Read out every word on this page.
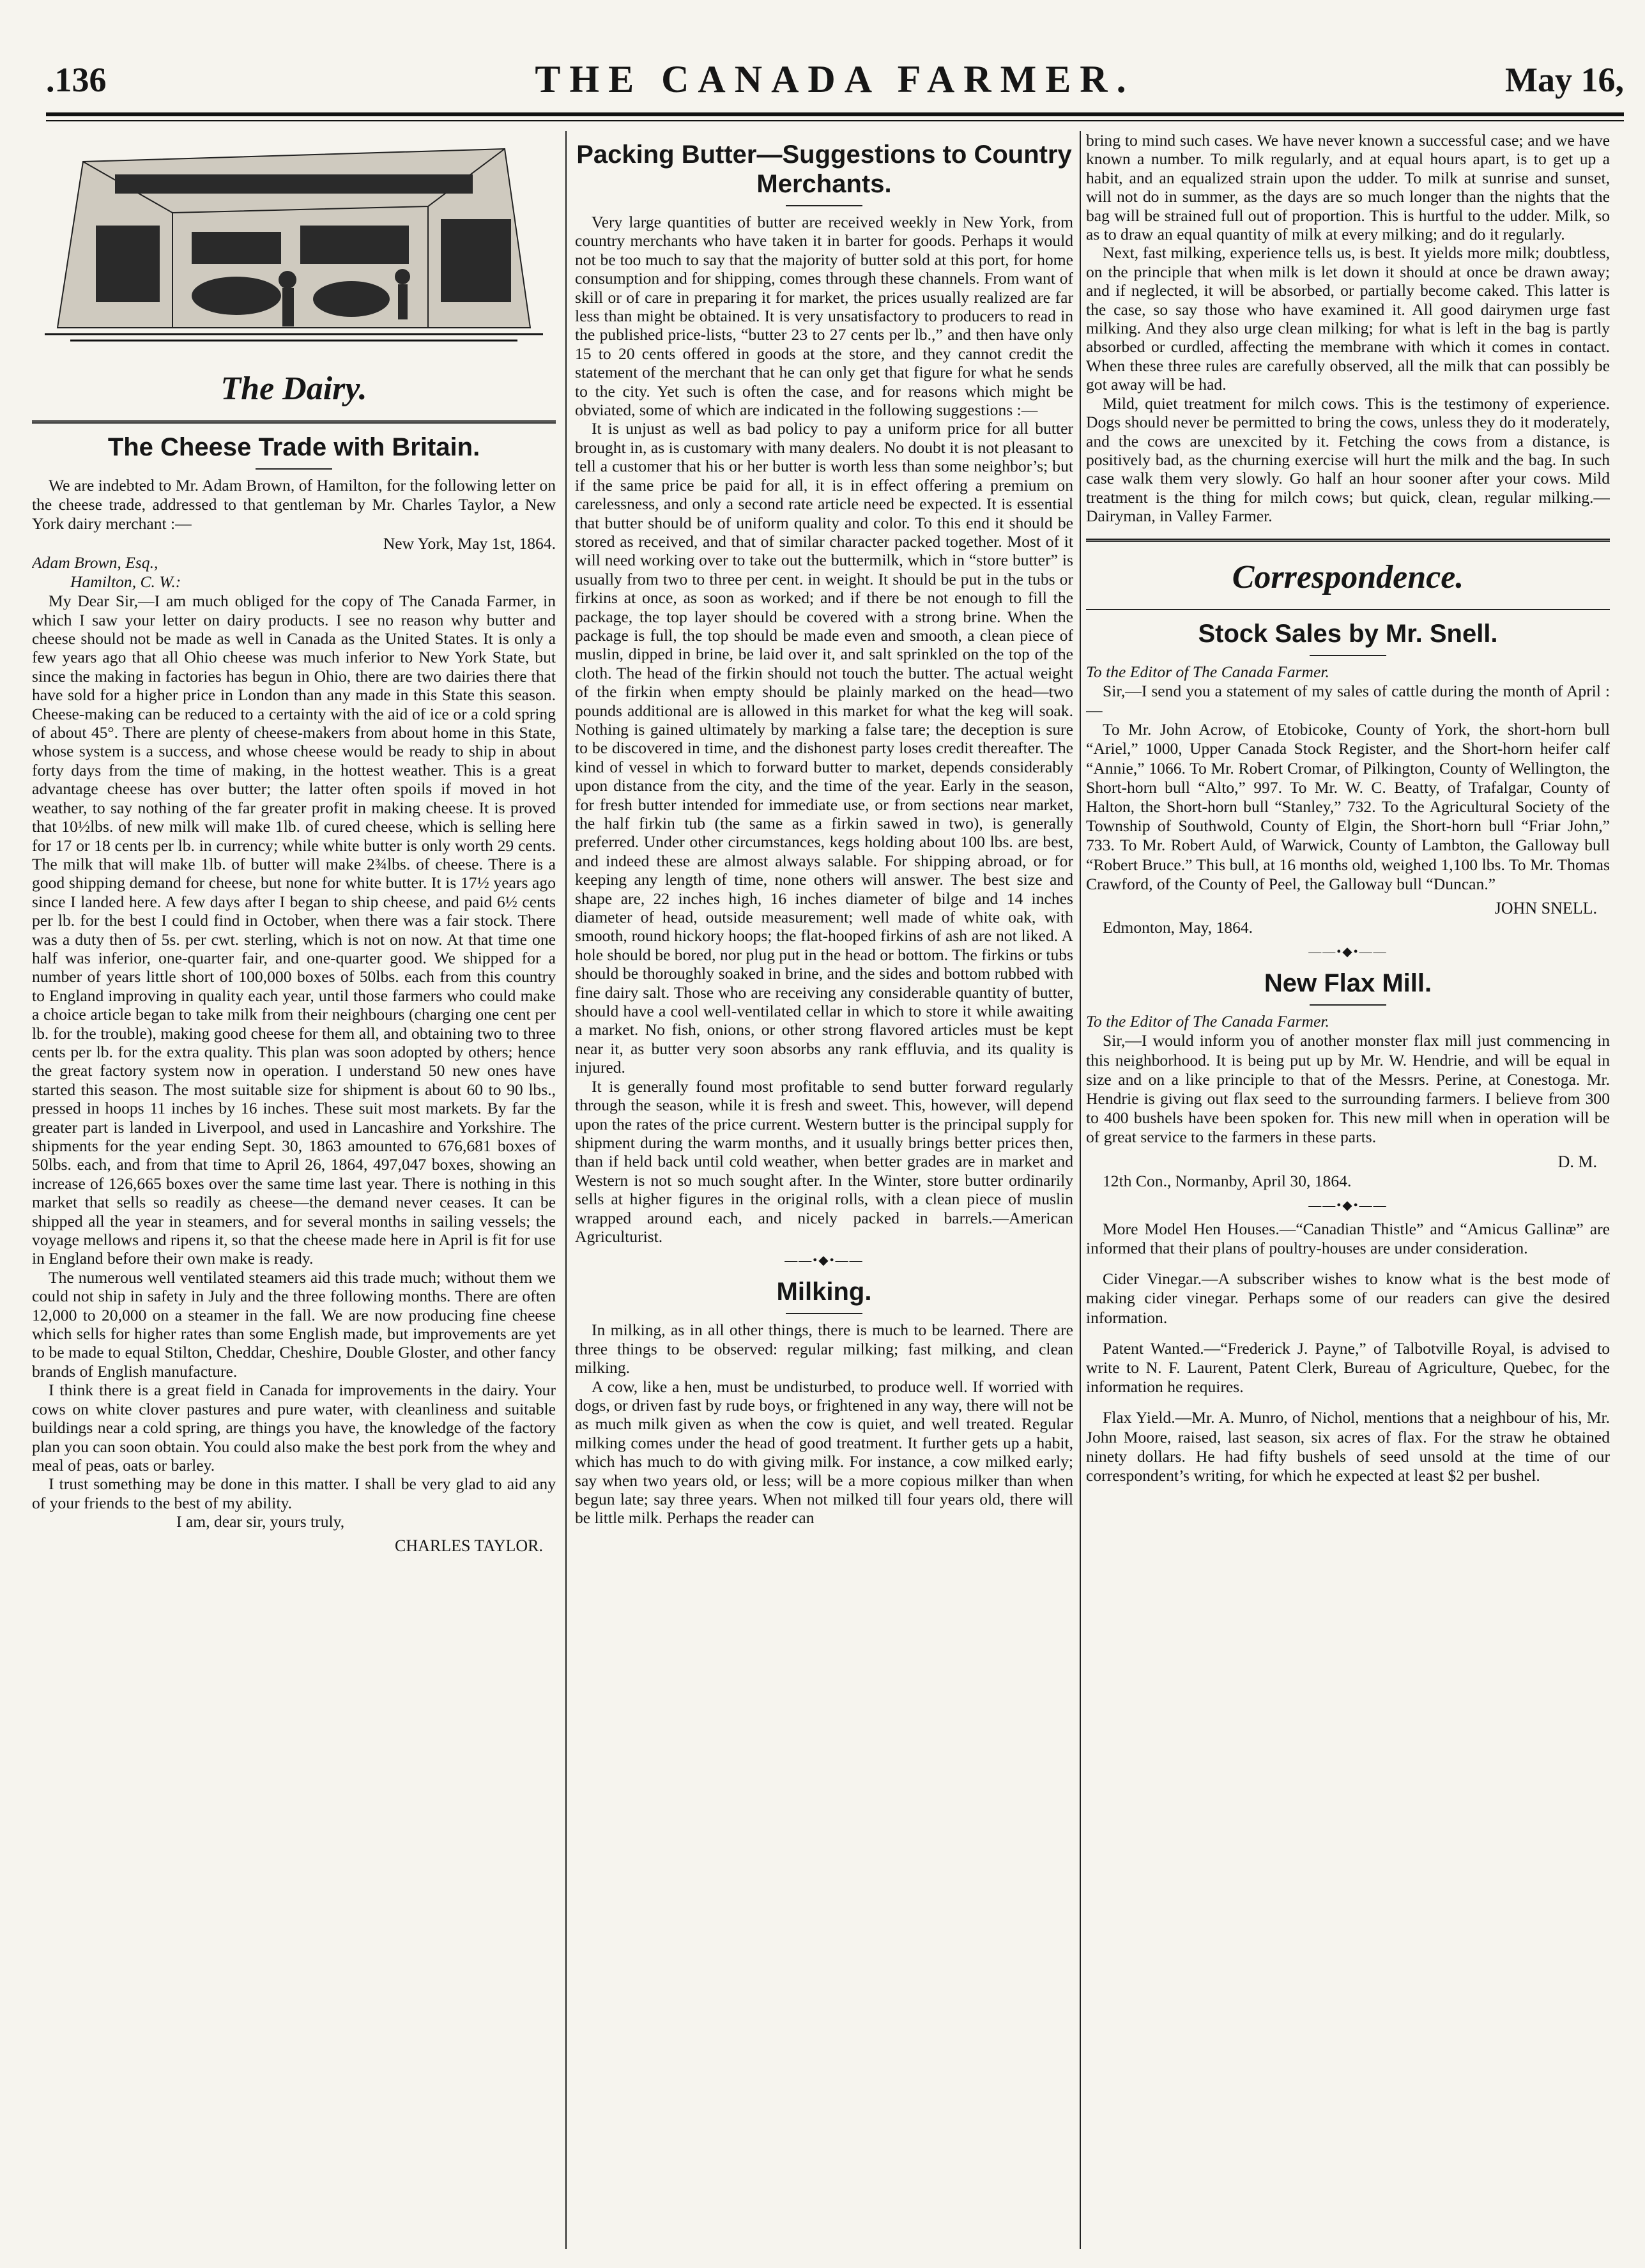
.136	THE CANADA FARMER.	May 16,
The Dairy.
The Cheese Trade with Britain.

We are indebted to Mr. Adam Brown, of Hamilton, for the following letter on the cheese trade, addressed to that gentleman by Mr. Charles Taylor, a New York dairy merchant :—

New York, May 1st, 1864.

Adam Brown, Esq.,

Hamilton, C. W.:

My Dear Sir,—I am much obliged for the copy of The Canada Farmer, in which I saw your letter on dairy products. I see no reason why butter and cheese should not be made as well in Canada as the United States. It is only a few years ago that all Ohio cheese was much inferior to New York State, but since the making in factories has begun in Ohio, there are two dairies there that have sold for a higher price in London than any made in this State this season. Cheese-making can be reduced to a certainty with the aid of ice or a cold spring of about 45°. There are plenty of cheese-makers from about home in this State, whose system is a success, and whose cheese would be ready to ship in about forty days from the time of making, in the hottest weather. This is a great advantage cheese has over butter; the latter often spoils if moved in hot weather, to say nothing of the far greater profit in making cheese. It is proved that 10½lbs. of new milk will make 1lb. of cured cheese, which is selling here for 17 or 18 cents per lb. in currency; while white butter is only worth 29 cents. The milk that will make 1lb. of butter will make 2¾lbs. of cheese. There is a good shipping demand for cheese, but none for white butter. It is 17½ years ago since I landed here. A few days after I began to ship cheese, and paid 6½ cents per lb. for the best I could find in October, when there was a fair stock. There was a duty then of 5s. per cwt. sterling, which is not on now. At that time one half was inferior, one-quarter fair, and one-quarter good. We shipped for a number of years little short of 100,000 boxes of 50lbs. each from this country to England improving in quality each year, until those farmers who could make a choice article began to take milk from their neighbours (charging one cent per lb. for the trouble), making good cheese for them all, and obtaining two to three cents per lb. for the extra quality. This plan was soon adopted by others; hence the great factory system now in operation. I understand 50 new ones have started this season. The most suitable size for shipment is about 60 to 90 lbs., pressed in hoops 11 inches by 16 inches. These suit most markets. By far the greater part is landed in Liverpool, and used in Lancashire and Yorkshire. The shipments for the year ending Sept. 30, 1863 amounted to 676,681 boxes of 50lbs. each, and from that time to April 26, 1864, 497,047 boxes, showing an increase of 126,665 boxes over the same time last year. There is nothing in this market that sells so readily as cheese—the demand never ceases. It can be shipped all the year in steamers, and for several months in sailing vessels; the voyage mellows and ripens it, so that the cheese made here in April is fit for use in England before their own make is ready.

The numerous well ventilated steamers aid this trade much; without them we could not ship in safety in July and the three following months. There are often 12,000 to 20,000 on a steamer in the fall. We are now producing fine cheese which sells for higher rates than some English made, but improvements are yet to be made to equal Stilton, Cheddar, Cheshire, Double Gloster, and other fancy brands of English manufacture.

I think there is a great field in Canada for improvements in the dairy. Your cows on white clover pastures and pure water, with cleanliness and suitable buildings near a cold spring, are things you have, the knowledge of the factory plan you can soon obtain. You could also make the best pork from the whey and meal of peas, oats or barley.

I trust something may be done in this matter. I shall be very glad to aid any of your friends to the best of my ability.

I am, dear sir, yours truly,

CHARLES TAYLOR.
Packing Butter—Suggestions to Country Merchants.

Very large quantities of butter are received weekly in New York, from country merchants who have taken it in barter for goods. Perhaps it would not be too much to say that the majority of butter sold at this port, for home consumption and for shipping, comes through these channels. From want of skill or of care in preparing it for market, the prices usually realized are far less than might be obtained. It is very unsatisfactory to producers to read in the published price-lists, “butter 23 to 27 cents per lb.,” and then have only 15 to 20 cents offered in goods at the store, and they cannot credit the statement of the merchant that he can only get that figure for what he sends to the city. Yet such is often the case, and for reasons which might be obviated, some of which are indicated in the following suggestions :—

It is unjust as well as bad policy to pay a uniform price for all butter brought in, as is customary with many dealers. No doubt it is not pleasant to tell a customer that his or her butter is worth less than some neighbor’s; but if the same price be paid for all, it is in effect offering a premium on carelessness, and only a second rate article need be expected. It is essential that butter should be of uniform quality and color. To this end it should be stored as received, and that of similar character packed together. Most of it will need working over to take out the buttermilk, which in “store butter” is usually from two to three per cent. in weight. It should be put in the tubs or firkins at once, as soon as worked; and if there be not enough to fill the package, the top layer should be covered with a strong brine. When the package is full, the top should be made even and smooth, a clean piece of muslin, dipped in brine, be laid over it, and salt sprinkled on the top of the cloth. The head of the firkin should not touch the butter. The actual weight of the firkin when empty should be plainly marked on the head—two pounds additional are is allowed in this market for what the keg will soak. Nothing is gained ultimately by marking a false tare; the deception is sure to be discovered in time, and the dishonest party loses credit thereafter. The kind of vessel in which to forward butter to market, depends considerably upon distance from the city, and the time of the year. Early in the season, for fresh butter intended for immediate use, or from sections near market, the half firkin tub (the same as a firkin sawed in two), is generally preferred. Under other circumstances, kegs holding about 100 lbs. are best, and indeed these are almost always salable. For shipping abroad, or for keeping any length of time, none others will answer. The best size and shape are, 22 inches high, 16 inches diameter of bilge and 14 inches diameter of head, outside measurement; well made of white oak, with smooth, round hickory hoops; the flat-hooped firkins of ash are not liked. A hole should be bored, nor plug put in the head or bottom. The firkins or tubs should be thoroughly soaked in brine, and the sides and bottom rubbed with fine dairy salt. Those who are receiving any considerable quantity of butter, should have a cool well-ventilated cellar in which to store it while awaiting a market. No fish, onions, or other strong flavored articles must be kept near it, as butter very soon absorbs any rank effluvia, and its quality is injured.

It is generally found most profitable to send butter forward regularly through the season, while it is fresh and sweet. This, however, will depend upon the rates of the price current. Western butter is the principal supply for shipment during the warm months, and it usually brings better prices then, than if held back until cold weather, when better grades are in market and Western is not so much sought after. In the Winter, store butter ordinarily sells at higher figures in the original rolls, with a clean piece of muslin wrapped around each, and nicely packed in barrels.—American Agriculturist.

——•◆•——
Milking.

In milking, as in all other things, there is much to be learned. There are three things to be observed: regular milking; fast milking, and clean milking.

A cow, like a hen, must be undisturbed, to produce well. If worried with dogs, or driven fast by rude boys, or frightened in any way, there will not be as much milk given as when the cow is quiet, and well treated. Regular milking comes under the head of good treatment. It further gets up a habit, which has much to do with giving milk. For instance, a cow milked early; say when two years old, or less; will be a more copious milker than when begun late; say three years. When not milked till four years old, there will be little milk. Perhaps the reader can

bring to mind such cases. We have never known a successful case; and we have known a number. To milk regularly, and at equal hours apart, is to get up a habit, and an equalized strain upon the udder. To milk at sunrise and sunset, will not do in summer, as the days are so much longer than the nights that the bag will be strained full out of proportion. This is hurtful to the udder. Milk, so as to draw an equal quantity of milk at every milking; and do it regularly.

Next, fast milking, experience tells us, is best. It yields more milk; doubtless, on the principle that when milk is let down it should at once be drawn away; and if neglected, it will be absorbed, or partially become caked. This latter is the case, so say those who have examined it. All good dairymen urge fast milking. And they also urge clean milking; for what is left in the bag is partly absorbed or curdled, affecting the membrane with which it comes in contact. When these three rules are carefully observed, all the milk that can possibly be got away will be had.

Mild, quiet treatment for milch cows. This is the testimony of experience. Dogs should never be permitted to bring the cows, unless they do it moderately, and the cows are unexcited by it. Fetching the cows from a distance, is positively bad, as the churning exercise will hurt the milk and the bag. In such case walk them very slowly. Go half an hour sooner after your cows. Mild treatment is the thing for milch cows; but quick, clean, regular milking.—Dairyman, in Valley Farmer.

Correspondence.
Stock Sales by Mr. Snell.

To the Editor of The Canada Farmer.

Sir,—I send you a statement of my sales of cattle during the month of April :—

To Mr. John Acrow, of Etobicoke, County of York, the short-horn bull “Ariel,” 1000, Upper Canada Stock Register, and the Short-horn heifer calf “Annie,” 1066. To Mr. Robert Cromar, of Pilkington, County of Wellington, the Short-horn bull “Alto,” 997. To Mr. W. C. Beatty, of Trafalgar, County of Halton, the Short-horn bull “Stanley,” 732. To the Agricultural Society of the Township of Southwold, County of Elgin, the Short-horn bull “Friar John,” 733. To Mr. Robert Auld, of Warwick, County of Lambton, the Galloway bull “Robert Bruce.” This bull, at 16 months old, weighed 1,100 lbs. To Mr. Thomas Crawford, of the County of Peel, the Galloway bull “Duncan.”

JOHN SNELL.

Edmonton, May, 1864.

——•◆•——
New Flax Mill.

To the Editor of The Canada Farmer.

Sir,—I would inform you of another monster flax mill just commencing in this neighborhood. It is being put up by Mr. W. Hendrie, and will be equal in size and on a like principle to that of the Messrs. Perine, at Conestoga. Mr. Hendrie is giving out flax seed to the surrounding farmers. I believe from 300 to 400 bushels have been spoken for. This new mill when in operation will be of great service to the farmers in these parts.

D. M.

12th Con., Normanby, April 30, 1864.

——•◆•——

More Model Hen Houses.—“Canadian Thistle” and “Amicus Gallinæ” are informed that their plans of poultry-houses are under consideration.

Cider Vinegar.—A subscriber wishes to know what is the best mode of making cider vinegar. Perhaps some of our readers can give the desired information.

Patent Wanted.—“Frederick J. Payne,” of Talbotville Royal, is advised to write to N. F. Laurent, Patent Clerk, Bureau of Agriculture, Quebec, for the information he requires.

Flax Yield.—Mr. A. Munro, of Nichol, mentions that a neighbour of his, Mr. John Moore, raised, last season, six acres of flax. For the straw he obtained ninety dollars. He had fifty bushels of seed unsold at the time of our correspondent’s writing, for which he expected at least $2 per bushel.
